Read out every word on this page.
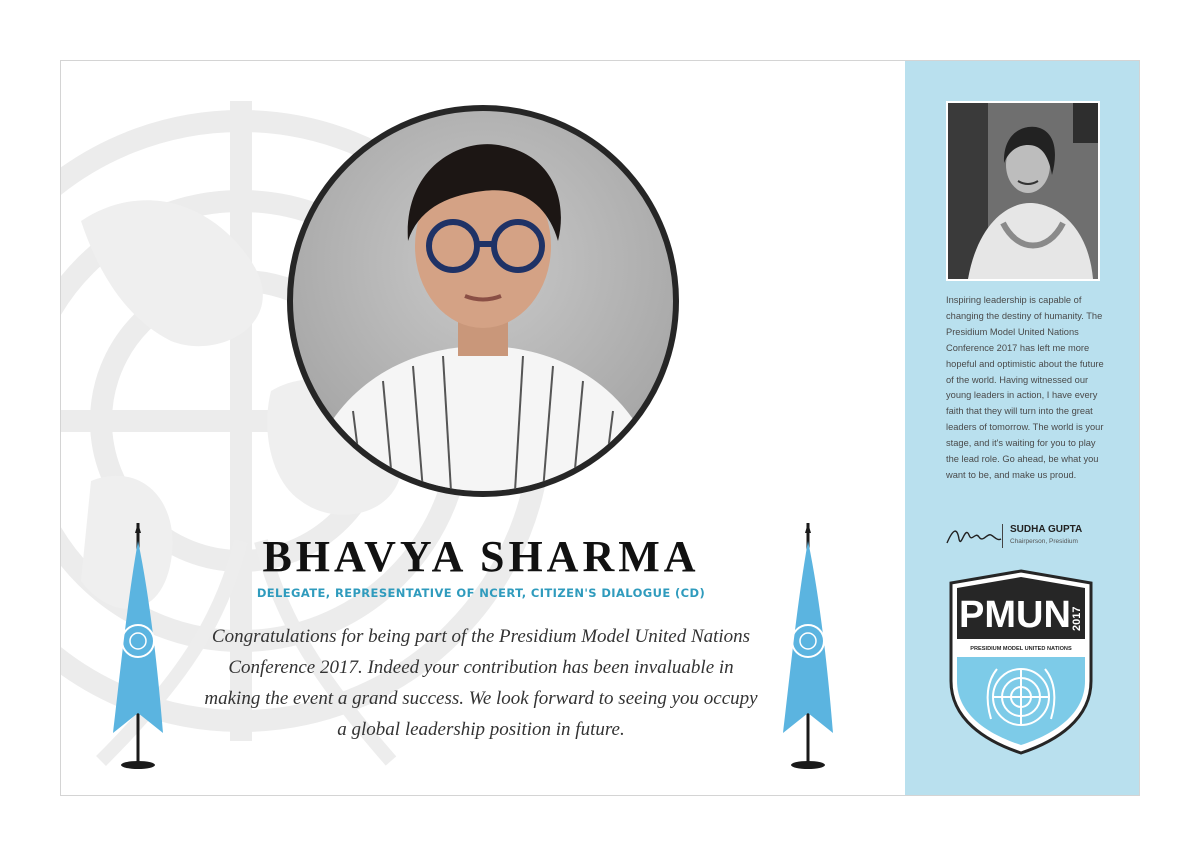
BHAVYA SHARMA
DELEGATE, REPRESENTATIVE OF NCERT, CITIZEN'S DIALOGUE (CD)

Congratulations for being part of the Presidium Model United Nations Conference 2017. Indeed your contribution has been invaluable in making the event a grand success. We look forward to seeing you occupy a global leadership position in future.

Inspiring leadership is capable of changing the destiny of humanity. The Presidium Model United Nations Conference 2017 has left me more hopeful and optimistic about the future of the world. Having witnessed our young leaders in action, I have every faith that they will turn into the great leaders of tomorrow. The world is your stage, and it's waiting for you to play the lead role. Go ahead, be what you want to be, and make us proud.

SUDHA GUPTA
Chairperson, Presidium
PMUN 2017
PRESIDIUM MODEL UNITED NATIONS
